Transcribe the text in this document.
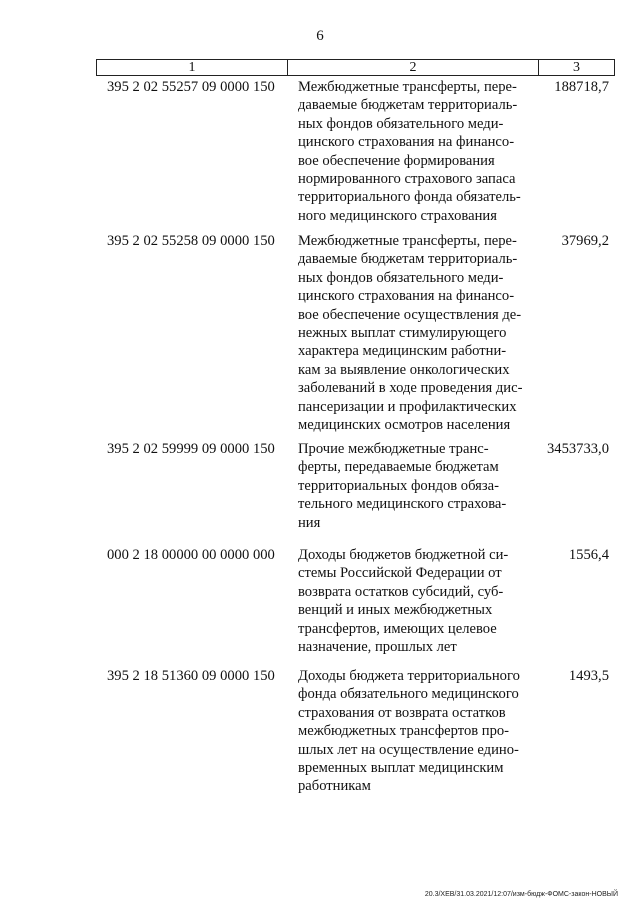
6
1	2	3
395 2 02 55257 09 0000 150 Межбюджетные трансферты, пере-
даваемые бюджетам территориаль-
ных фондов обязательного меди-
цинского страхования на финансо-
вое обеспечение формирования
нормированного страхового запаса
территориального фонда обязатель-
ного медицинского страхования
188718,7
395 2 02 55258 09 0000 150 Межбюджетные трансферты, пере-
даваемые бюджетам территориаль-
ных фондов обязательного меди-
цинского страхования на финансо-
вое обеспечение осуществления де-
нежных выплат стимулирующего
характера медицинским работни-
кам за выявление онкологических
заболеваний в ходе проведения дис-
пансеризации и профилактических
медицинских осмотров населения
37969,2
395 2 02 59999 09 0000 150 Прочие межбюджетные транс-
ферты, передаваемые бюджетам
территориальных фондов обяза-
тельного медицинского страхова-
ния
3453733,0
000 2 18 00000 00 0000 000 Доходы бюджетов бюджетной си-
стемы Российской Федерации от
возврата остатков субсидий, суб-
венций и иных межбюджетных
трансфертов, имеющих целевое
назначение, прошлых лет
1556,4
395 2 18 51360 09 0000 150 Доходы бюджета территориального
фонда обязательного медицинского
страхования от возврата остатков
межбюджетных трансфертов про-
шлых лет на осуществление едино-
временных выплат медицинским
работникам
1493,5
20.3/ХЕВ/31.03.2021/12:07/изм-бюдж-ФОМС-закон-НОВЫЙ
